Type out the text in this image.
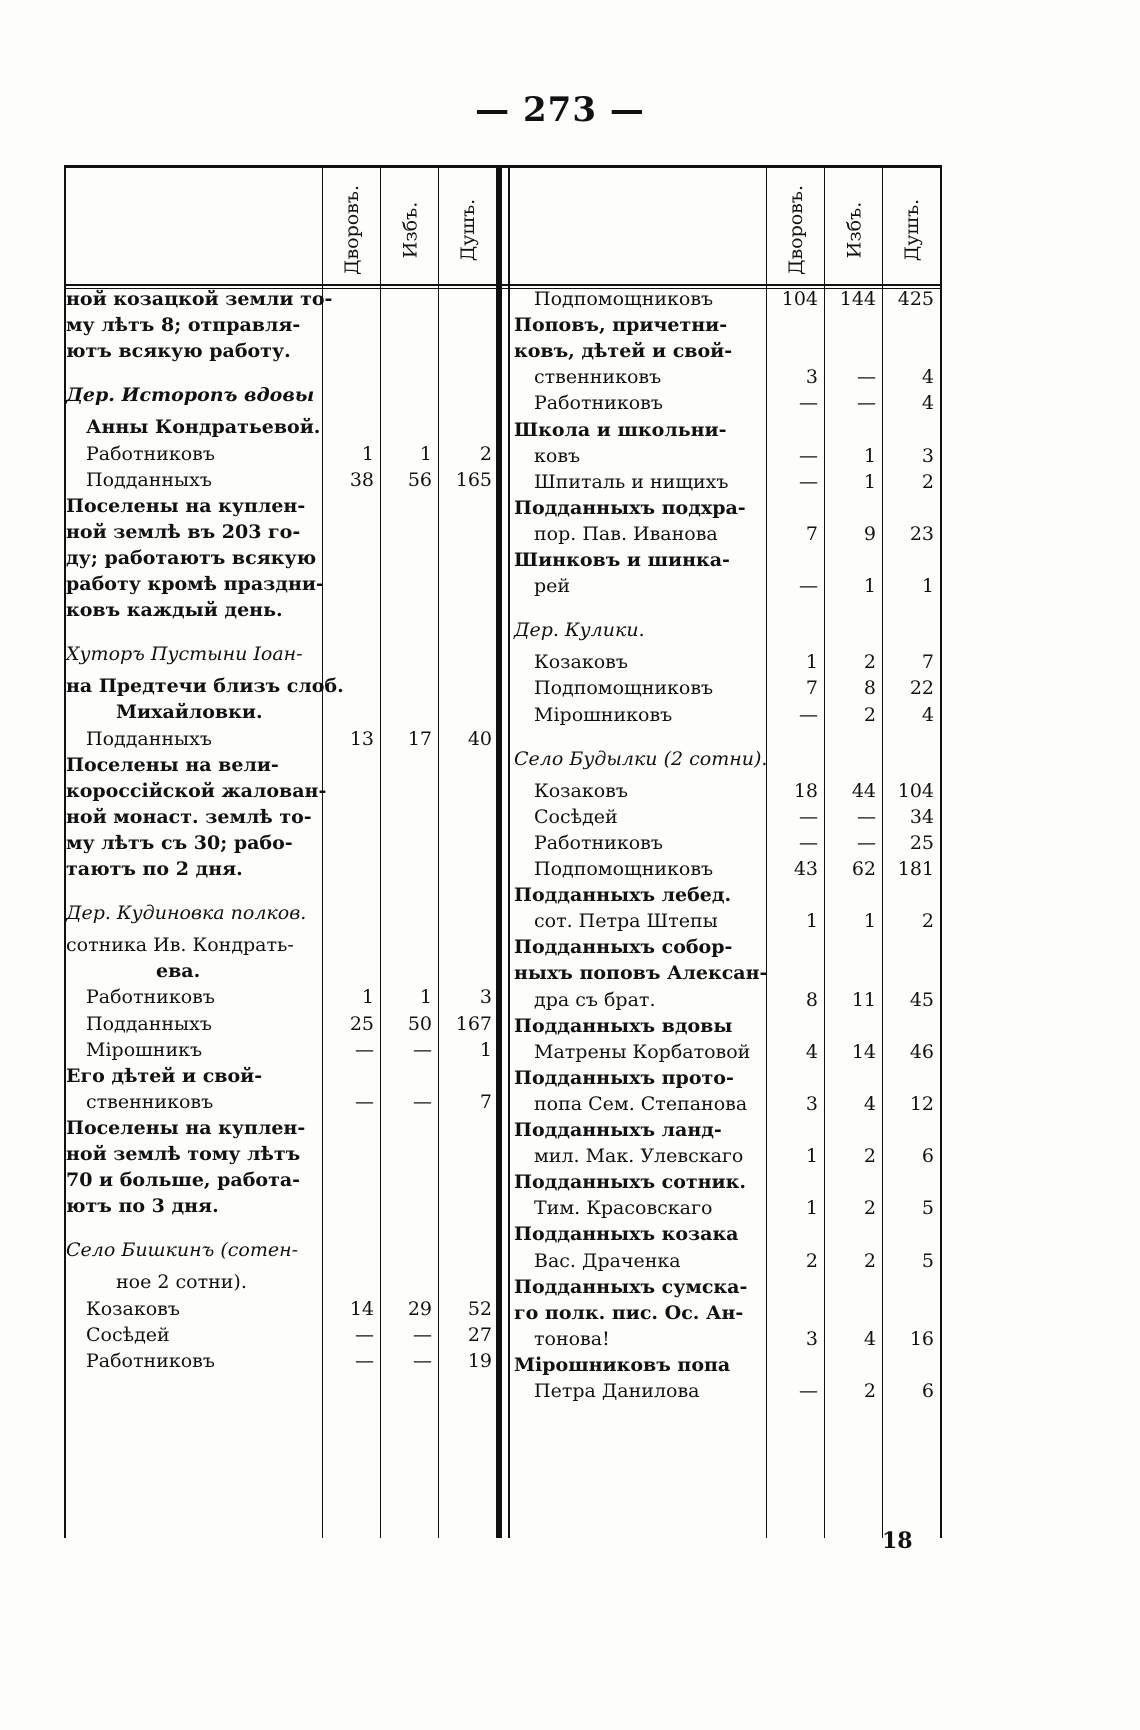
— 273 —
Дворовъ. Избъ. Душъ.	Дворовъ. Избъ. Душъ.
ной козацкой земли то-
му лѣтъ 8; отправля-
ютъ всякую работу.
Дер. Исторопъ вдовы
Анны Кондратьевой.
Работниковъ	1	1	2
Подданныхъ	38	56	165
Поселены на куплен-
ной землѣ въ 203 го-
ду; работаютъ всякую
работу кромѣ праздни-
ковъ каждый день.
Хуторъ Пустыни Іоан-
на Предтечи близъ слоб.
Михайловки.
Подданныхъ	13	17	40
Поселены на вели-
короссійской жалован-
ной монаст. землѣ то-
му лѣтъ съ 30; рабо-
таютъ по 2 дня.
Дер. Кудиновка полков.
сотника Ив. Кондрать-
ева.
Работниковъ	1	1	3
Подданныхъ	25	50	167
Мірошникъ	—	—	1
Его дѣтей и свой-
ственниковъ	—	—	7
Поселены на куплен-
ной землѣ тому лѣтъ
70 и больше, работа-
ютъ по 3 дня.
Село Бишкинъ (сотен-
ное 2 сотни).
Козаковъ	14	29	52
Сосѣдей	—	—	27
Работниковъ	—	—	19
Подпомощниковъ	104	144	425
Поповъ, причетни-
ковъ, дѣтей и свой-
ственниковъ	3	—	4
Работниковъ	—	—	4
Школа и школьни-
ковъ	—	1	3
Шпиталь и нищихъ	—	1	2
Подданныхъ подхра-
пор. Пав. Иванова	7	9	23
Шинковъ и шинка-
рей	—	1	1
Дер. Кулики.
Козаковъ	1	2	7
Подпомощниковъ	7	8	22
Мірошниковъ	—	2	4
Село Будылки (2 сотни).
Козаковъ	18	44	104
Сосѣдей	—	—	34
Работниковъ	—	—	25
Подпомощниковъ	43	62	181
Подданныхъ лебед.
сот. Петра Штепы	1	1	2
Подданныхъ собор-
ныхъ поповъ Алексан-
дра съ брат.	8	11	45
Подданныхъ вдовы
Матрены Корбатовой	4	14	46
Подданныхъ прото-
попа Сем. Степанова	3	4	12
Подданныхъ ланд-
мил. Мак. Улевскаго	1	2	6
Подданныхъ сотник.
Тим. Красовскаго	1	2	5
Подданныхъ козака
Вас. Драченка	2	2	5
Подданныхъ сумска-
го полк. пис. Ос. Ан-
тонова!	3	4	16
Мірошниковъ попа
Петра Данилова	—	2	6
18
